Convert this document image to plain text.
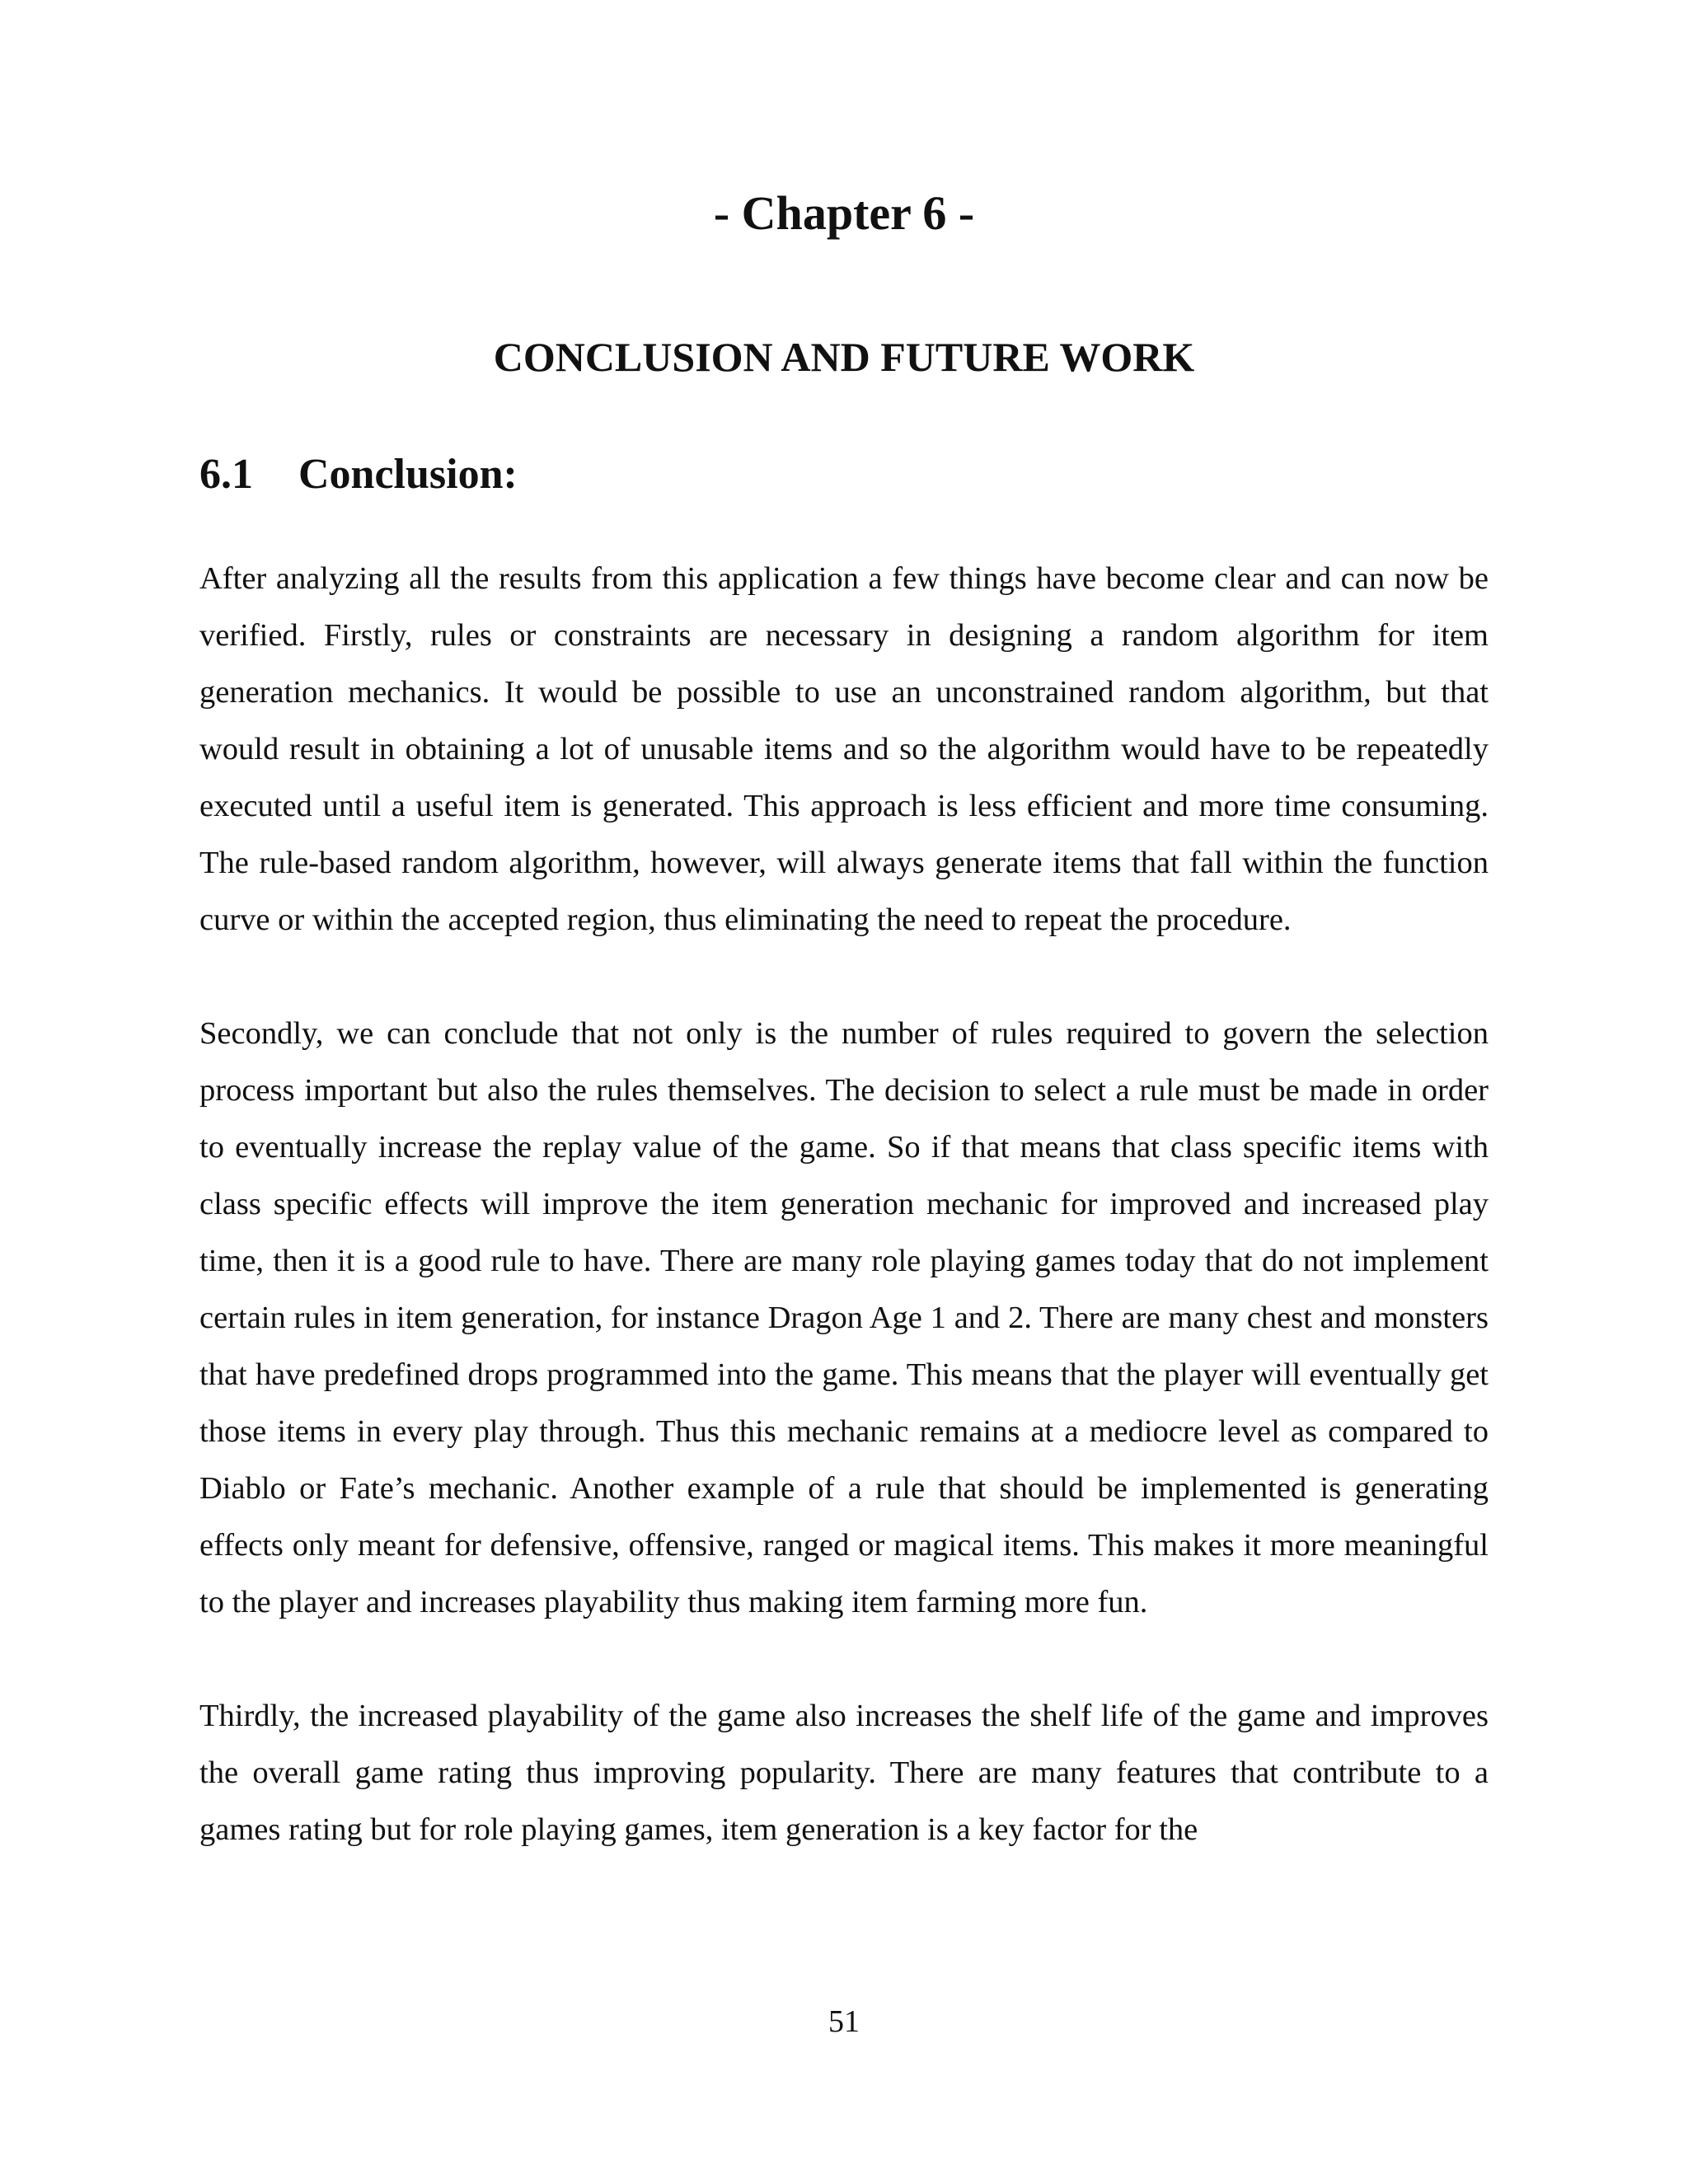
- Chapter 6 -
CONCLUSION AND FUTURE WORK
6.1 Conclusion:

After analyzing all the results from this application a few things have become clear and can now be verified. Firstly, rules or constraints are necessary in designing a random algorithm for item generation mechanics. It would be possible to use an unconstrained random algorithm, but that would result in obtaining a lot of unusable items and so the algorithm would have to be repeatedly executed until a useful item is generated. This approach is less efficient and more time consuming. The rule-based random algorithm, however, will always generate items that fall within the function curve or within the accepted region, thus eliminating the need to repeat the procedure.

Secondly, we can conclude that not only is the number of rules required to govern the selection process important but also the rules themselves. The decision to select a rule must be made in order to eventually increase the replay value of the game. So if that means that class specific items with class specific effects will improve the item generation mechanic for improved and increased play time, then it is a good rule to have. There are many role playing games today that do not implement certain rules in item generation, for instance Dragon Age 1 and 2. There are many chest and monsters that have predefined drops programmed into the game. This means that the player will eventually get those items in every play through. Thus this mechanic remains at a mediocre level as compared to Diablo or Fate’s mechanic. Another example of a rule that should be implemented is generating effects only meant for defensive, offensive, ranged or magical items. This makes it more meaningful to the player and increases playability thus making item farming more fun.

Thirdly, the increased playability of the game also increases the shelf life of the game and improves the overall game rating thus improving popularity. There are many features that contribute to a games rating but for role playing games, item generation is a key factor for the

51
